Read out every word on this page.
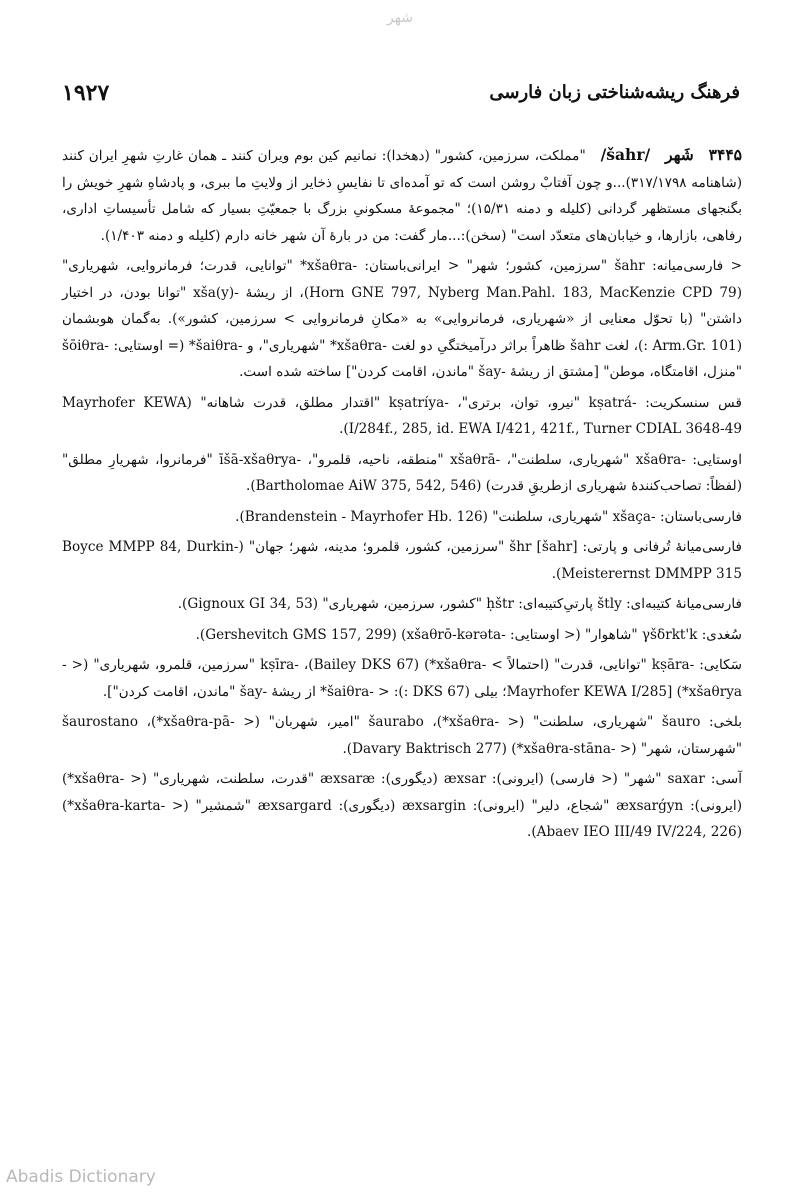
شهر
۱۹۲۷	فرهنگ ریشه‌شناختی زبان فارسی

۳۴۴۵ شَهر /šahr/ "مملکت، سرزمین، کشور" (دهخدا): نمانیم کین بوم ویران کنند ـ همان غارتِ شهرِ ایران کنند (شاهنامه ۳۱۷/۱۷۹۸)...و چون آفتابْ روشن است که تو آمده‌ای تا نفایسِ ذخایر از ولایتِ ما ببری، و پادشاهِ شهرِ خویش را بگنجهای مستظهر گردانی (کلیله و دمنه ۱۵/۳۱)؛ "مجموعهٔ مسکونیِ بزرگ با جمعیّتِ بسیار که شامل تأسیساتِ اداری، رفاهی، بازارها، و خیابان‌های متعدّد است" (سخن):...مار گفت: من در بارهٔ آن شهر خانه دارم (کلیله و دمنه ۱/۴۰۳).

< فارسی‌میانه: šahr "سرزمین، کشور؛ شهر" < ایرانی‌باستان: -xšaθra* "توانایی، قدرت؛ فرمانروایی، شهریاری" (Horn GNE 797, Nyberg Man.Pahl. 183, MacKenzie CPD 79)، از ریشهٔ -(xša(y "توانا بودن، در اختیار داشتن" (با تحوّل معنایی از «شهریاری، فرمانروایی» به «مکانِ فرمانروایی > سرزمین، کشور»). به‌گمان هوبشمان (Arm.Gr. 101 :)، لغت šahr ظاهراً براثر درآمیختگیِ دو لغت -xšaθra* "شهریاری"، و -šaiθra* (= اوستایی: -šōiθra "منزل، اقامتگاه، موطن" [مشتق از ریشهٔ -šay "ماندن، اقامت کردن"] ساخته شده است.

قس سنسکریت: -kṣatrá "نیرو، توان، برتری"، -kṣatríya "اقتدار مطلق، قدرت شاهانه" (Mayrhofer KEWA I/284f., 285, id. EWA I/421, 421f., Turner CDIAL 3648-49).

اوستایی: -xšaθra "شهریاری، سلطنت"، -xšaθrā "منطقه، ناحیه، قلمرو"، -īšā-xšaθrya "فرمانروا، شهریارِ مطلق" (لفظاً: تصاحب‌کنندهٔ شهریاری ازطریقِ قدرت) (Bartholomae AiW 375, 542, 546).

فارسی‌باستان: -xšaça "شهریاری، سلطنت" (Brandenstein - Mayrhofer Hb. 126).

فارسی‌میانهٔ تُرفانی و پارتی: šhr [šahr] "سرزمین، کشور، قلمرو؛ مدینه، شهر؛ جهان" (Boyce MMPP 84, Durkin-Meisterernst DMMPP 315).

فارسی‌میانهٔ کتیبه‌ای: štly پارتیِ‌کتیبه‌ای: ḥštr "کشور، سرزمین، شهریاری" (Gignoux GI 34, 53).

سُغدی: γšδrkt'k "شاهوار" (< اوستایی: -xšaθrō-kərəta) (Gershevitch GMS 157, 299).

سَکایی: -kṣāra "توانایی، قدرت" (احتمالاً > -xšaθra*) (Bailey DKS 67)، -kṣīra "سرزمین، قلمرو، شهریاری" (< -xšaθrya*) [Mayrhofer KEWA I/285؛ بیلی (DKS 67 :): < -šaiθra* از ریشهٔ -šay "ماندن، اقامت کردن"].

بلخی: šauro "شهریاری، سلطنت" (< -xšaθra*)، šaurabo "امیر، شهربان" (< -xšaθra-pā*)، šaurostano "شهرستان، شهر" (< -xšaθra-stāna*) (Davary Baktrisch 277).

آسی: saxar "شهر" (< فارسی) (ایرونی): æxsar (دیگوری): æxsaræ "قدرت، سلطنت، شهریاری" (< -xšaθra*) (ایرونی): æxsarǵyn "شجاع، دلیر" (ایرونی): æxsargin (دیگوری): æxsargard "شمشیر" (< -xšaθra-karta*) (Abaev IEO III/49 IV/224, 226).

Abadis Dictionary
